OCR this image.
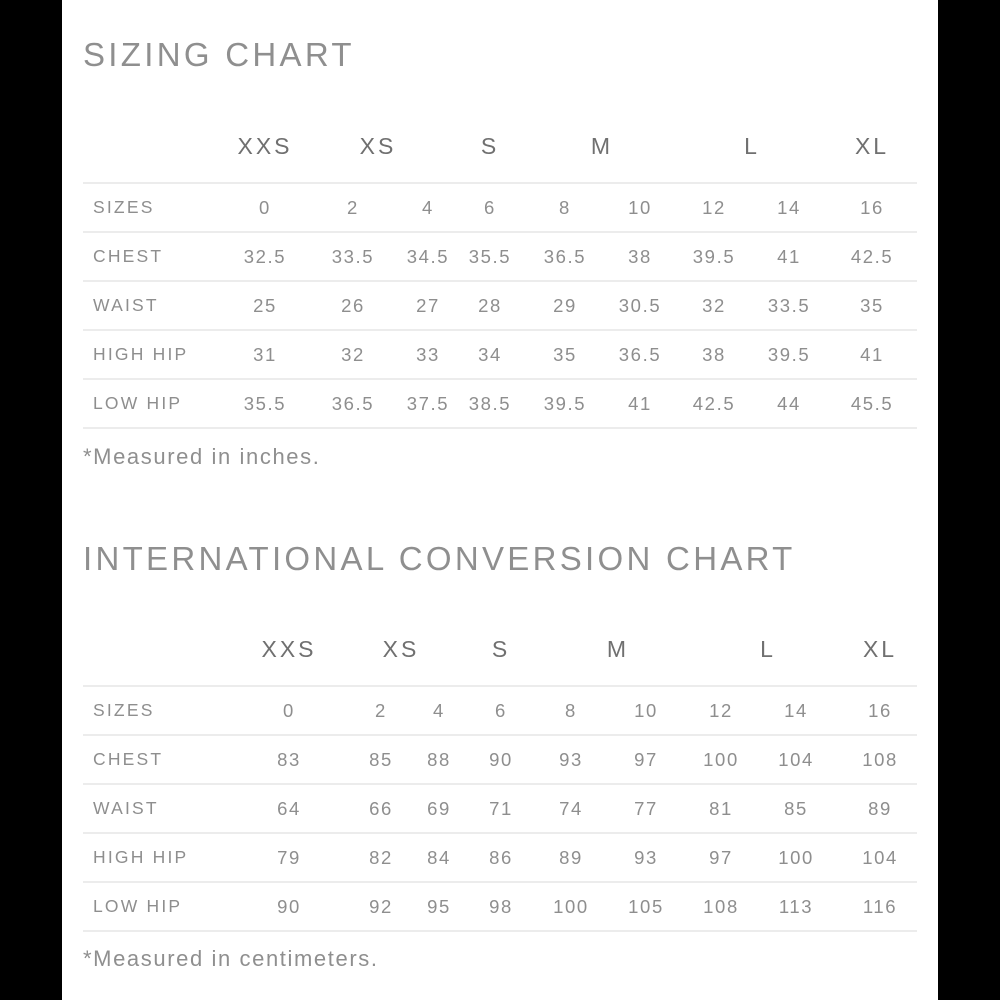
SIZING CHART
	XXS	XS		S	M		L		XL
SIZES	0	2	4	6	8	10	12	14	16
CHEST	32.5	33.5	34.5	35.5	36.5	38	39.5	41	42.5
WAIST	25	26	27	28	29	30.5	32	33.5	35
HIGH HIP	31	32	33	34	35	36.5	38	39.5	41
LOW HIP	35.5	36.5	37.5	38.5	39.5	41	42.5	44	45.5

*Measured in inches.

INTERNATIONAL CONVERSION CHART
	XXS	XS		S	M		L		XL
SIZES	0	2	4	6	8	10	12	14	16
CHEST	83	85	88	90	93	97	100	104	108
WAIST	64	66	69	71	74	77	81	85	89
HIGH HIP	79	82	84	86	89	93	97	100	104
LOW HIP	90	92	95	98	100	105	108	113	116

*Measured in centimeters.
